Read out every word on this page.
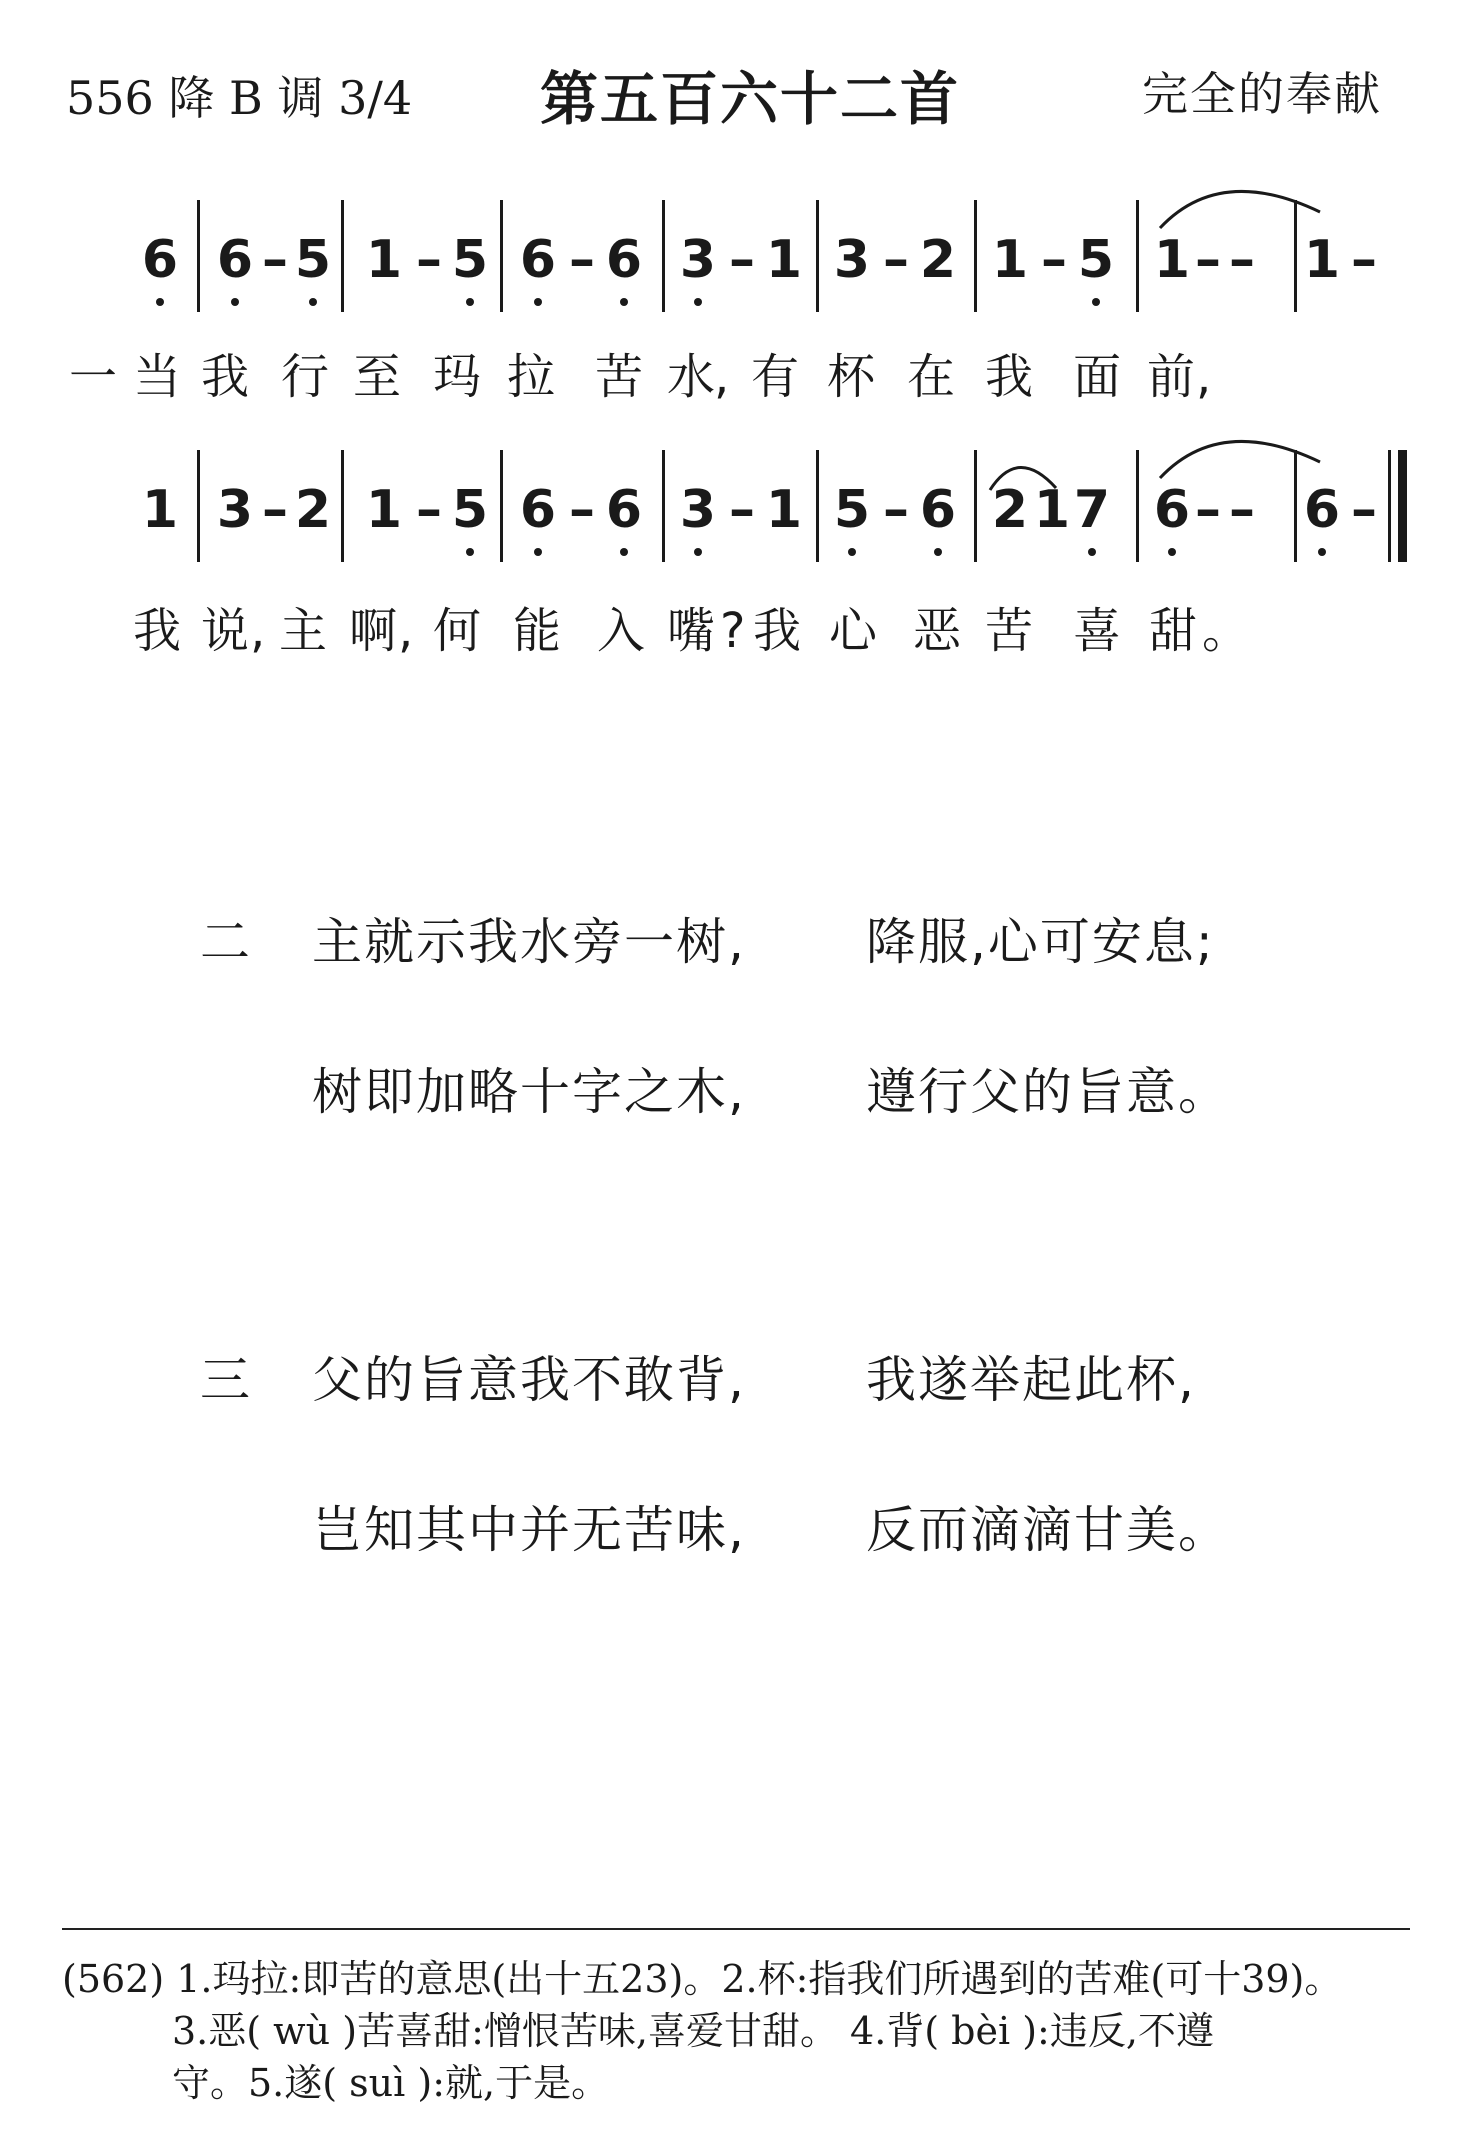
556 降 B 调 3/4 第五百六十二首	完全的奉献
6 6 – 5 1 – 5 6 – 6 3 – 1 3 – 2 1 – 5 1 – – 1 –
一 当 我 行 至 玛 拉 苦 水 , 有 杯 在 我 面 前 ,
1 3 – 2 1 – 5 6 – 6 3 – 1 5 – 6 2 1 7 6 – – 6 –
我 说 , 主 啊 , 何 能 入 嘴 ? 我 心 恶 苦 喜 甜 。
二 主就示我水旁一树, 降服,心可安息;
树即加略十字之木, 遵行父的旨意。
三 父的旨意我不敢背, 我遂举起此杯,
岂知其中并无苦味, 反而滴滴甘美。
(562) 1.玛拉:即苦的意思(出十五23)。2.杯:指我们所遇到的苦难(可十39)。
3.恶( wù )苦喜甜:憎恨苦味,喜爱甘甜。 4.背( bèi ):违反,不遵
守。5.遂( suì ):就,于是。
